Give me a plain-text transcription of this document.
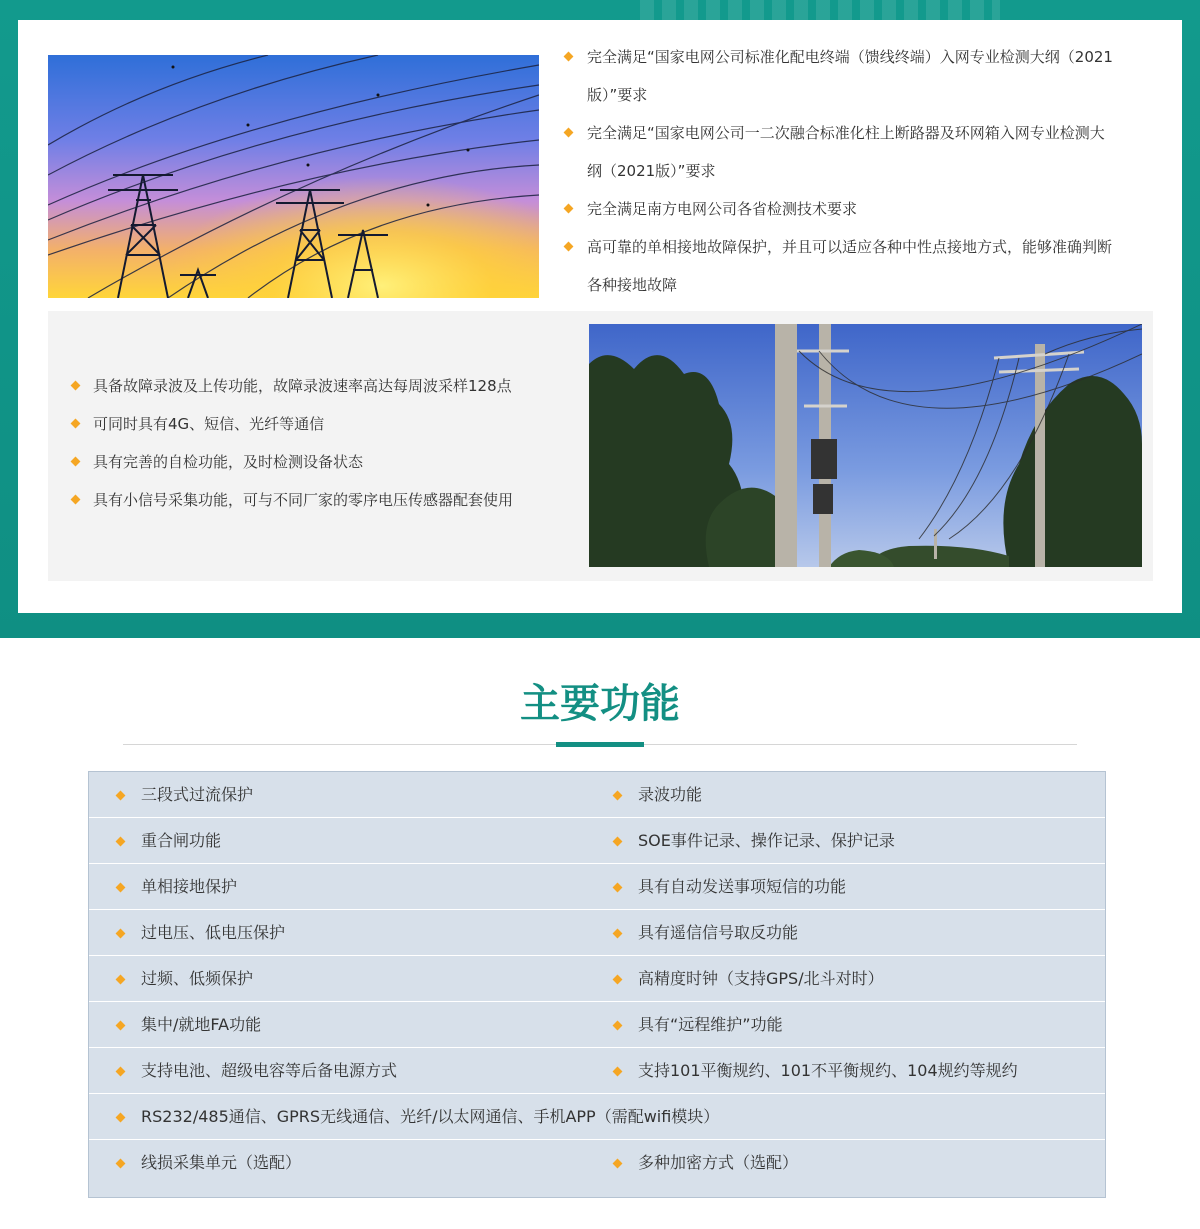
完全满足“国家电网公司标准化配电终端（馈线终端）入网专业检测大纲（2021
版）”要求
完全满足“国家电网公司一二次融合标准化柱上断路器及环网箱入网专业检测大
纲（2021版）”要求
完全满足南方电网公司各省检测技术要求
高可靠的单相接地故障保护，并且可以适应各种中性点接地方式，能够准确判断
各种接地故障
具备故障录波及上传功能，故障录波速率高达每周波采样128点
可同时具有4G、短信、光纤等通信
具有完善的自检功能，及时检测设备状态
具有小信号采集功能，可与不同厂家的零序电压传感器配套使用
主要功能
三段式过流保护	录波功能
重合闸功能	SOE事件记录、操作记录、保护记录
单相接地保护	具有自动发送事项短信的功能
过电压、低电压保护	具有遥信信号取反功能
过频、低频保护	高精度时钟（支持GPS/北斗对时）
集中/就地FA功能	具有“远程维护”功能
支持电池、超级电容等后备电源方式	支持101平衡规约、101不平衡规约、104规约等规约
RS232/485通信、GPRS无线通信、光纤/以太网通信、手机APP（需配wifi模块）
线损采集单元（选配）	多种加密方式（选配）
